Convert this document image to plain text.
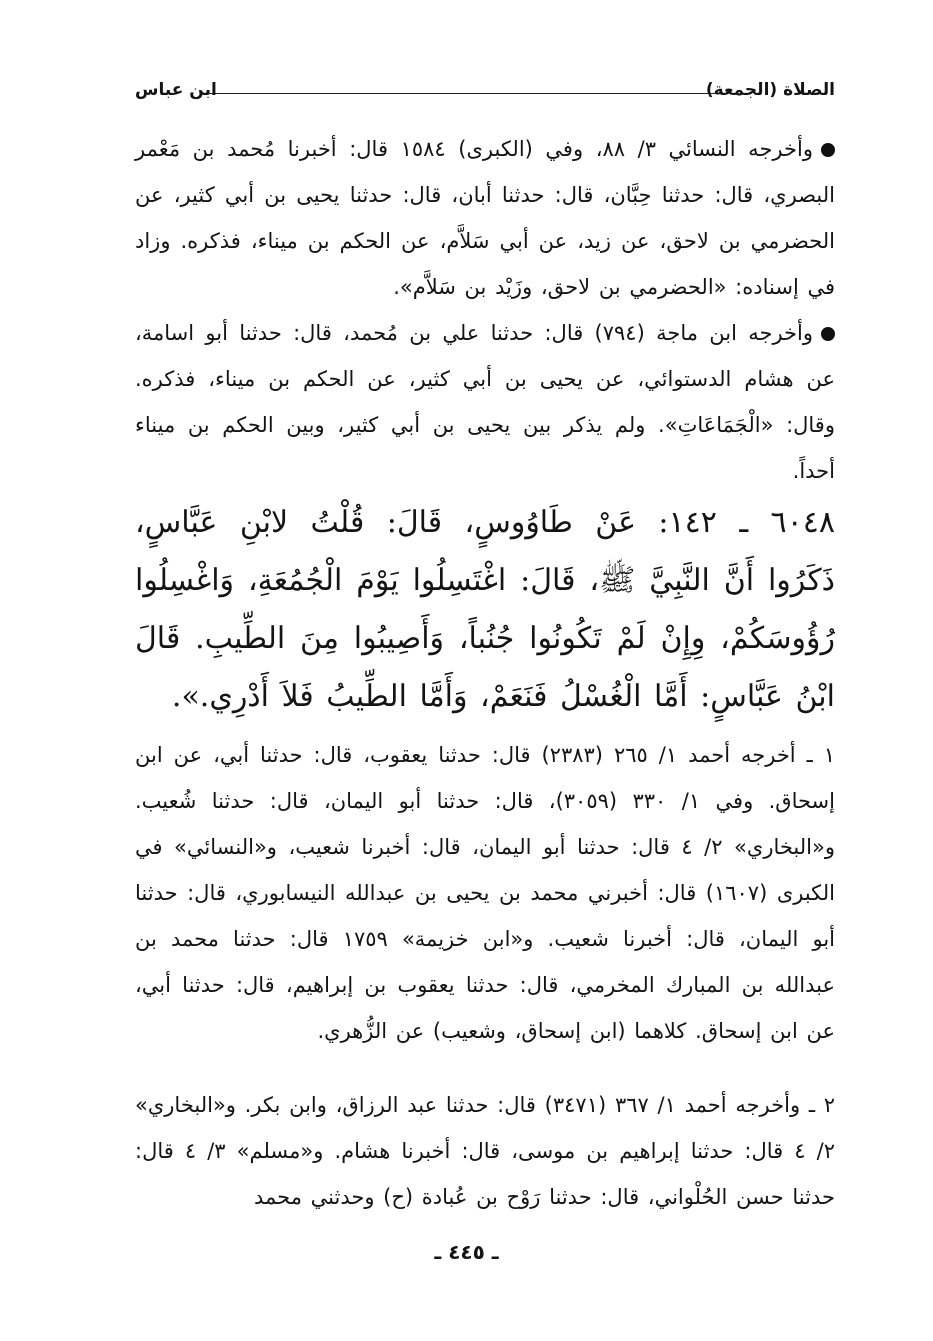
الصلاة (الجمعة)
ابن عباس

وأخرجه النسائي ٣/ ٨٨، وفي (الكبرى) ١٥٨٤ قال: أخبرنا مُحمد بن مَعْمر البصري، قال: حدثنا حِبَّان، قال: حدثنا أبان، قال: حدثنا يحيى بن أبي كثير، عن الحضرمي بن لاحق، عن زيد، عن أبي سَلاَّم، عن الحكم بن ميناء، فذكره. وزاد في إسناده: «الحضرمي بن لاحق، وزَيْد بن سَلاَّم».

وأخرجه ابن ماجة (٧٩٤) قال: حدثنا علي بن مُحمد، قال: حدثنا أبو اسامة، عن هشام الدستوائي، عن يحيى بن أبي كثير، عن الحكم بن ميناء، فذكره. وقال: «الْجَمَاعَاتِ». ولم يذكر بين يحيى بن أبي كثير، وبين الحكم بن ميناء أحداً.

٦٠٤٨ ـ ١٤٢: عَنْ طَاوُوسٍ، قَالَ: قُلْتُ لابْنِ عَبَّاسٍ، ذَكَرُوا أَنَّ النَّبِيَّ ﷺ، قَالَ: اغْتَسِلُوا يَوْمَ الْجُمُعَةِ، وَاغْسِلُوا رُؤُوسَكُمْ، وِإِنْ لَمْ تَكُونُوا جُنُباً، وَأَصِيبُوا مِنَ الطِّيبِ. قَالَ ابْنُ عَبَّاسٍ: أَمَّا الْغُسْلُ فَنَعَمْ، وَأَمَّا الطِّيبُ فَلاَ أَدْرِي.».

١ ـ أخرجه أحمد ١/ ٢٦٥ (٢٣٨٣) قال: حدثنا يعقوب، قال: حدثنا أبي، عن ابن إسحاق. وفي ١/ ٣٣٠ (٣٠٥٩)، قال: حدثنا أبو اليمان، قال: حدثنا شُعيب. و«البخاري» ٢/ ٤ قال: حدثنا أبو اليمان، قال: أخبرنا شعيب، و«النسائي» في الكبرى (١٦٠٧) قال: أخبرني محمد بن يحيى بن عبدالله النيسابوري، قال: حدثنا أبو اليمان، قال: أخبرنا شعيب. و«ابن خزيمة» ١٧٥٩ قال: حدثنا محمد بن عبدالله بن المبارك المخرمي، قال: حدثنا يعقوب بن إبراهيم، قال: حدثنا أبي، عن ابن إسحاق. كلاهما (ابن إسحاق، وشعيب) عن الزُّهري.

٢ ـ وأخرجه أحمد ١/ ٣٦٧ (٣٤٧١) قال: حدثنا عبد الرزاق، وابن بكر. و«البخاري» ٢/ ٤ قال: حدثنا إبراهيم بن موسى، قال: أخبرنا هشام. و«مسلم» ٣/ ٤ قال: حدثنا حسن الحُلْواني، قال: حدثنا رَوْح بن عُبادة (ح) وحدثني محمد

ـ ٤٤٥ ـ
